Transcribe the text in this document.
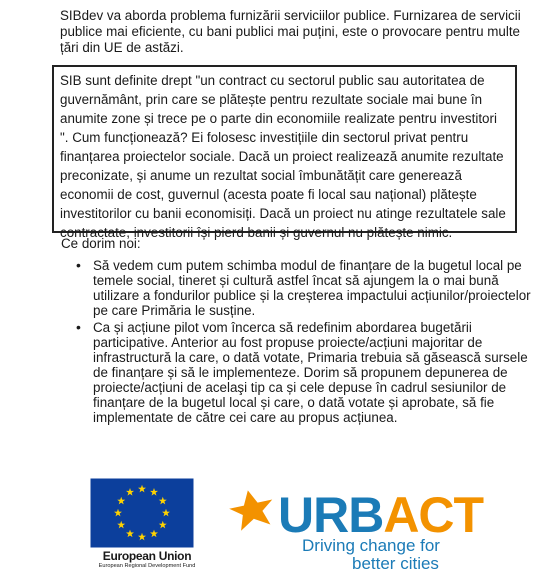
SIBdev va aborda problema furnizării serviciilor publice. Furnizarea de servicii publice mai eficiente, cu bani publici mai puțini, este o provocare pentru multe țări din UE de astăzi.

SIB sunt definite drept "un contract cu sectorul public sau autoritatea de guvernământ, prin care se plătește pentru rezultate sociale mai bune în anumite zone și trece pe o parte din economiile realizate pentru investitori ". Cum funcționează? Ei folosesc investițiile din sectorul privat pentru finanțarea proiectelor sociale. Dacă un proiect realizează anumite rezultate preconizate, și anume un rezultat social îmbunătățit care generează economii de cost, guvernul (acesta poate fi local sau național) plătește investitorilor cu banii economisiți. Dacă un proiect nu atinge rezultatele sale contractate, investitorii își pierd banii și guvernul nu plătește nimic.

Ce dorim noi:

• Să vedem cum putem schimba modul de finanțare de la bugetul local pe temele social, tineret și cultură astfel încat să ajungem la o mai bună utilizare a fondurilor publice și la creșterea impactului acțiunilor/proiectelor pe care Primăria le susține.
• Ca și acțiune pilot vom încerca să redefinim abordarea bugetării participative. Anterior au fost propuse proiecte/acțiuni majoritar de infrastructură la care, o dată votate, Primaria trebuia să găsească sursele de finanțare și să le implementeze. Dorim să propunem depunerea de proiecte/acțiuni de acelaşi tip ca și cele depuse în cadrul sesiunilor de finanțare de la bugetul local și care, o dată votate și aprobate, să fie implementate de către cei care au propus acțiunea.

European Union

European Regional Development Fund

URBACT

Driving change for

better cities
